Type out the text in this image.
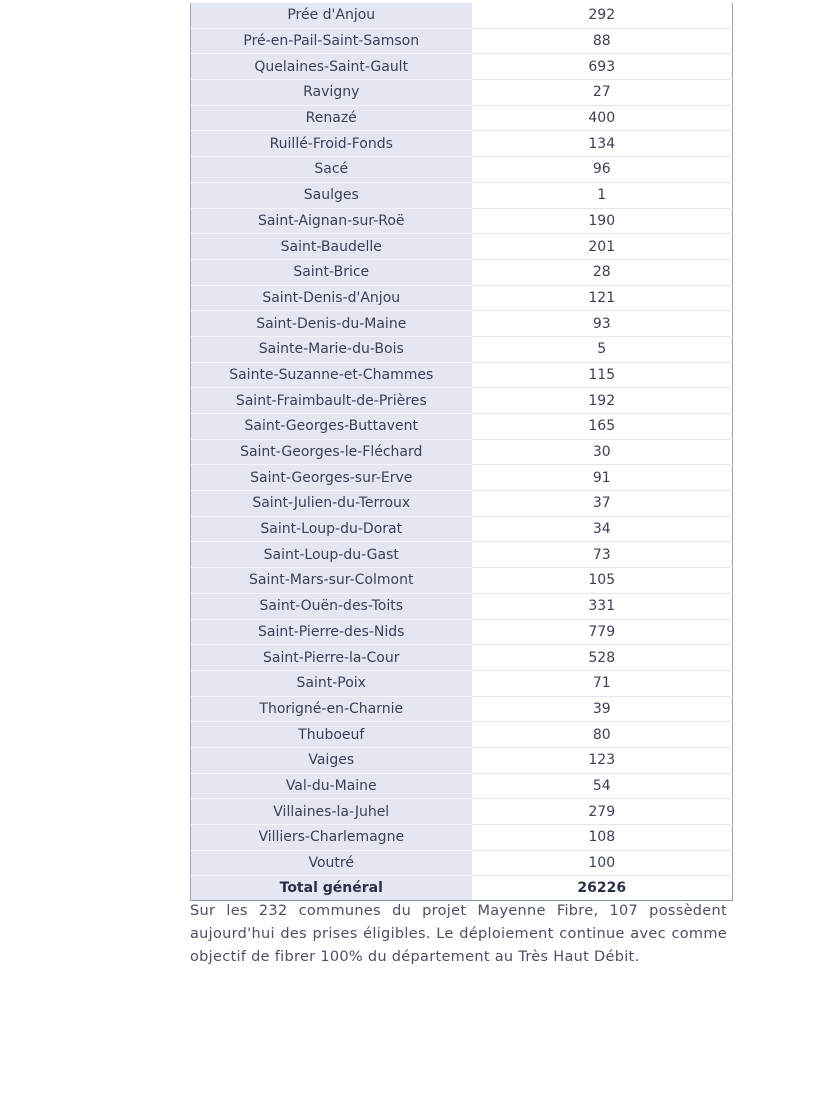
Prée d'Anjou	292
Pré-en-Pail-Saint-Samson	88
Quelaines-Saint-Gault	693
Ravigny	27
Renazé	400
Ruillé-Froid-Fonds	134
Sacé	96
Saulges	1
Saint-Aignan-sur-Roë	190
Saint-Baudelle	201
Saint-Brice	28
Saint-Denis-d'Anjou	121
Saint-Denis-du-Maine	93
Sainte-Marie-du-Bois	5
Sainte-Suzanne-et-Chammes	115
Saint-Fraimbault-de-Prières	192
Saint-Georges-Buttavent	165
Saint-Georges-le-Fléchard	30
Saint-Georges-sur-Erve	91
Saint-Julien-du-Terroux	37
Saint-Loup-du-Dorat	34
Saint-Loup-du-Gast	73
Saint-Mars-sur-Colmont	105
Saint-Ouën-des-Toits	331
Saint-Pierre-des-Nids	779
Saint-Pierre-la-Cour	528
Saint-Poix	71
Thorigné-en-Charnie	39
Thuboeuf	80
Vaiges	123
Val-du-Maine	54
Villaines-la-Juhel	279
Villiers-Charlemagne	108
Voutré	100
Total général	26226

Sur les 232 communes du projet Mayenne Fibre, 107 possèdent aujourd'hui des prises éligibles. Le déploiement continue avec comme objectif de fibrer 100% du département au Très Haut Débit.
